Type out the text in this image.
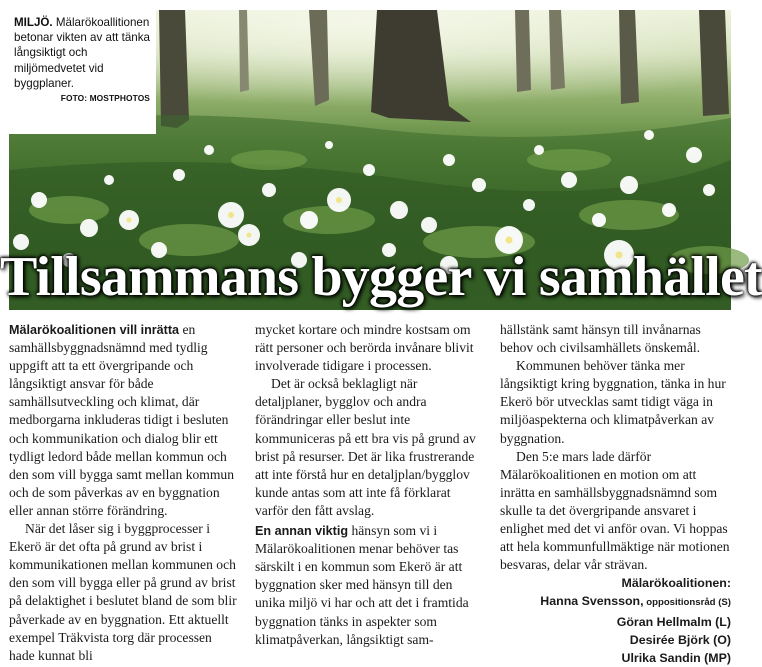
MILJÖ. Mälarökoallitionen betonar vikten av att tänka långsiktigt och miljömedvetet vid byggplaner.
FOTO: MOSTPHOTOS
Tillsammans bygger vi samhället

Mälarökoalitionen vill inrätta en samhällsbyggnadsnämnd med tydlig uppgift att ta ett övergripande och långsiktigt ansvar för både samhällsutveckling och klimat, där medborgarna inkluderas tidigt i besluten och kommunikation och dialog blir ett tydligt ledord både mellan kommun och den som vill bygga samt mellan kommun och de som påverkas av en byggnation eller annan större förändring.

När det låser sig i byggprocesser i Ekerö är det ofta på grund av brist i kommunikationen mellan kommunen och den som vill bygga eller på grund av brist på delaktighet i beslutet bland de som blir påverkade av en byggnation. Ett aktuellt exempel Träkvista torg där processen hade kunnat bli

mycket kortare och mindre kostsam om rätt personer och berörda invånare blivit involverade tidigare i processen.

Det är också beklagligt när detaljplaner, bygglov och andra förändringar eller beslut inte kommuniceras på ett bra vis på grund av brist på resurser. Det är lika frustrerande att inte förstå hur en detaljplan/bygglov kunde antas som att inte få förklarat varför den fått avslag.

En annan viktig hänsyn som vi i Mälarökoalitionen menar behöver tas särskilt i en kommun som Ekerö är att byggnation sker med hänsyn till den unika miljö vi har och att det i framtida byggnation tänks in aspekter som klimatpåverkan, långsiktigt sam-

hällstänk samt hänsyn till invånarnas behov och civilsamhällets önskemål.

Kommunen behöver tänka mer långsiktigt kring byggnation, tänka in hur Ekerö bör utvecklas samt tidigt väga in miljöaspekterna och klimatpåverkan av byggnation.

Den 5:e mars lade därför Mälarökoalitionen en motion om att inrätta en samhällsbyggnadsnämnd som skulle ta det övergripande ansvaret i enlighet med det vi anför ovan. Vi hoppas att hela kommunfullmäktige när motionen besvaras, delar vår strävan.

Mälarökoalitionen:
Hanna Svensson, oppositionsråd (S)
Göran Hellmalm (L)
Desirée Björk (O)
Ulrika Sandin (MP)
